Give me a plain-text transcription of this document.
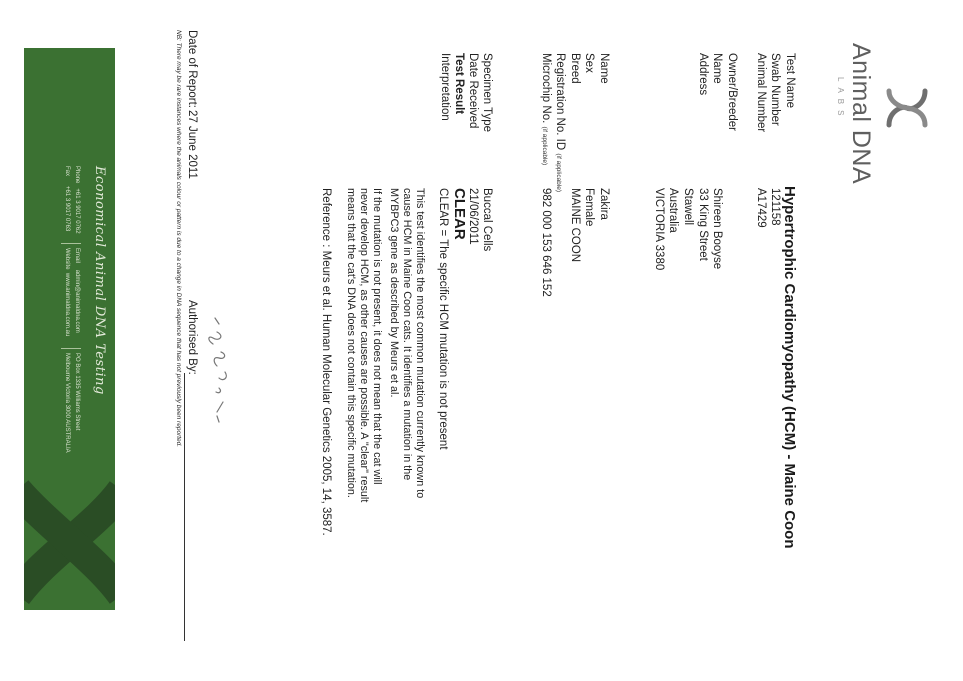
Animal DNA
LABS
Test Name
Hypertrophic Cardiomyopathy (HCM) - Maine Coon
Swab Number
121158
Animal Number
A17429
Owner/Breeder
Name
Shireen Booyse
Address
33 King Street
Stawell
Australia
VICTORIA 3380
Name
Zakira
Sex
Female
Breed
MAINE COON
Registration No. ID (if applicable)
Microchip No. (if applicable)
982 000 153 646 152
Specimen Type
Buccal Cells
Date Received
21/06/2011
Test Result
CLEAR
Interpretation
CLEAR = The specific HCM mutation is not present
This test identifies the most common mutation currently known to cause HCM in Maine Coon cats. It identifies a mutation in the MYBPC3 gene as described by Meurs et al.
If the mutation is not present, it does not mean that the cat will never develop HCM, as other causes are possible. A "clear" result means that the cat's DNA does not contain this specific mutation.
Reference : Meurs et al. Human Molecular Genetics 2005, 14, 3587.
Date of Report:
27 June 2011
Authorised By:
NB: There may be rare instances where the animals colour or pattern is due to a change in DNA sequence that has not previously been reported.
Economical Animal DNA Testing
Phone   +61 3 9017 0762
Fax      +61 3 9017 0763
Email    admin@animaldna.com
Website  www.animaldna.com.au
PO Box 1335 Williams Street
Melbourne Victoria 3000 AUSTRALIA
